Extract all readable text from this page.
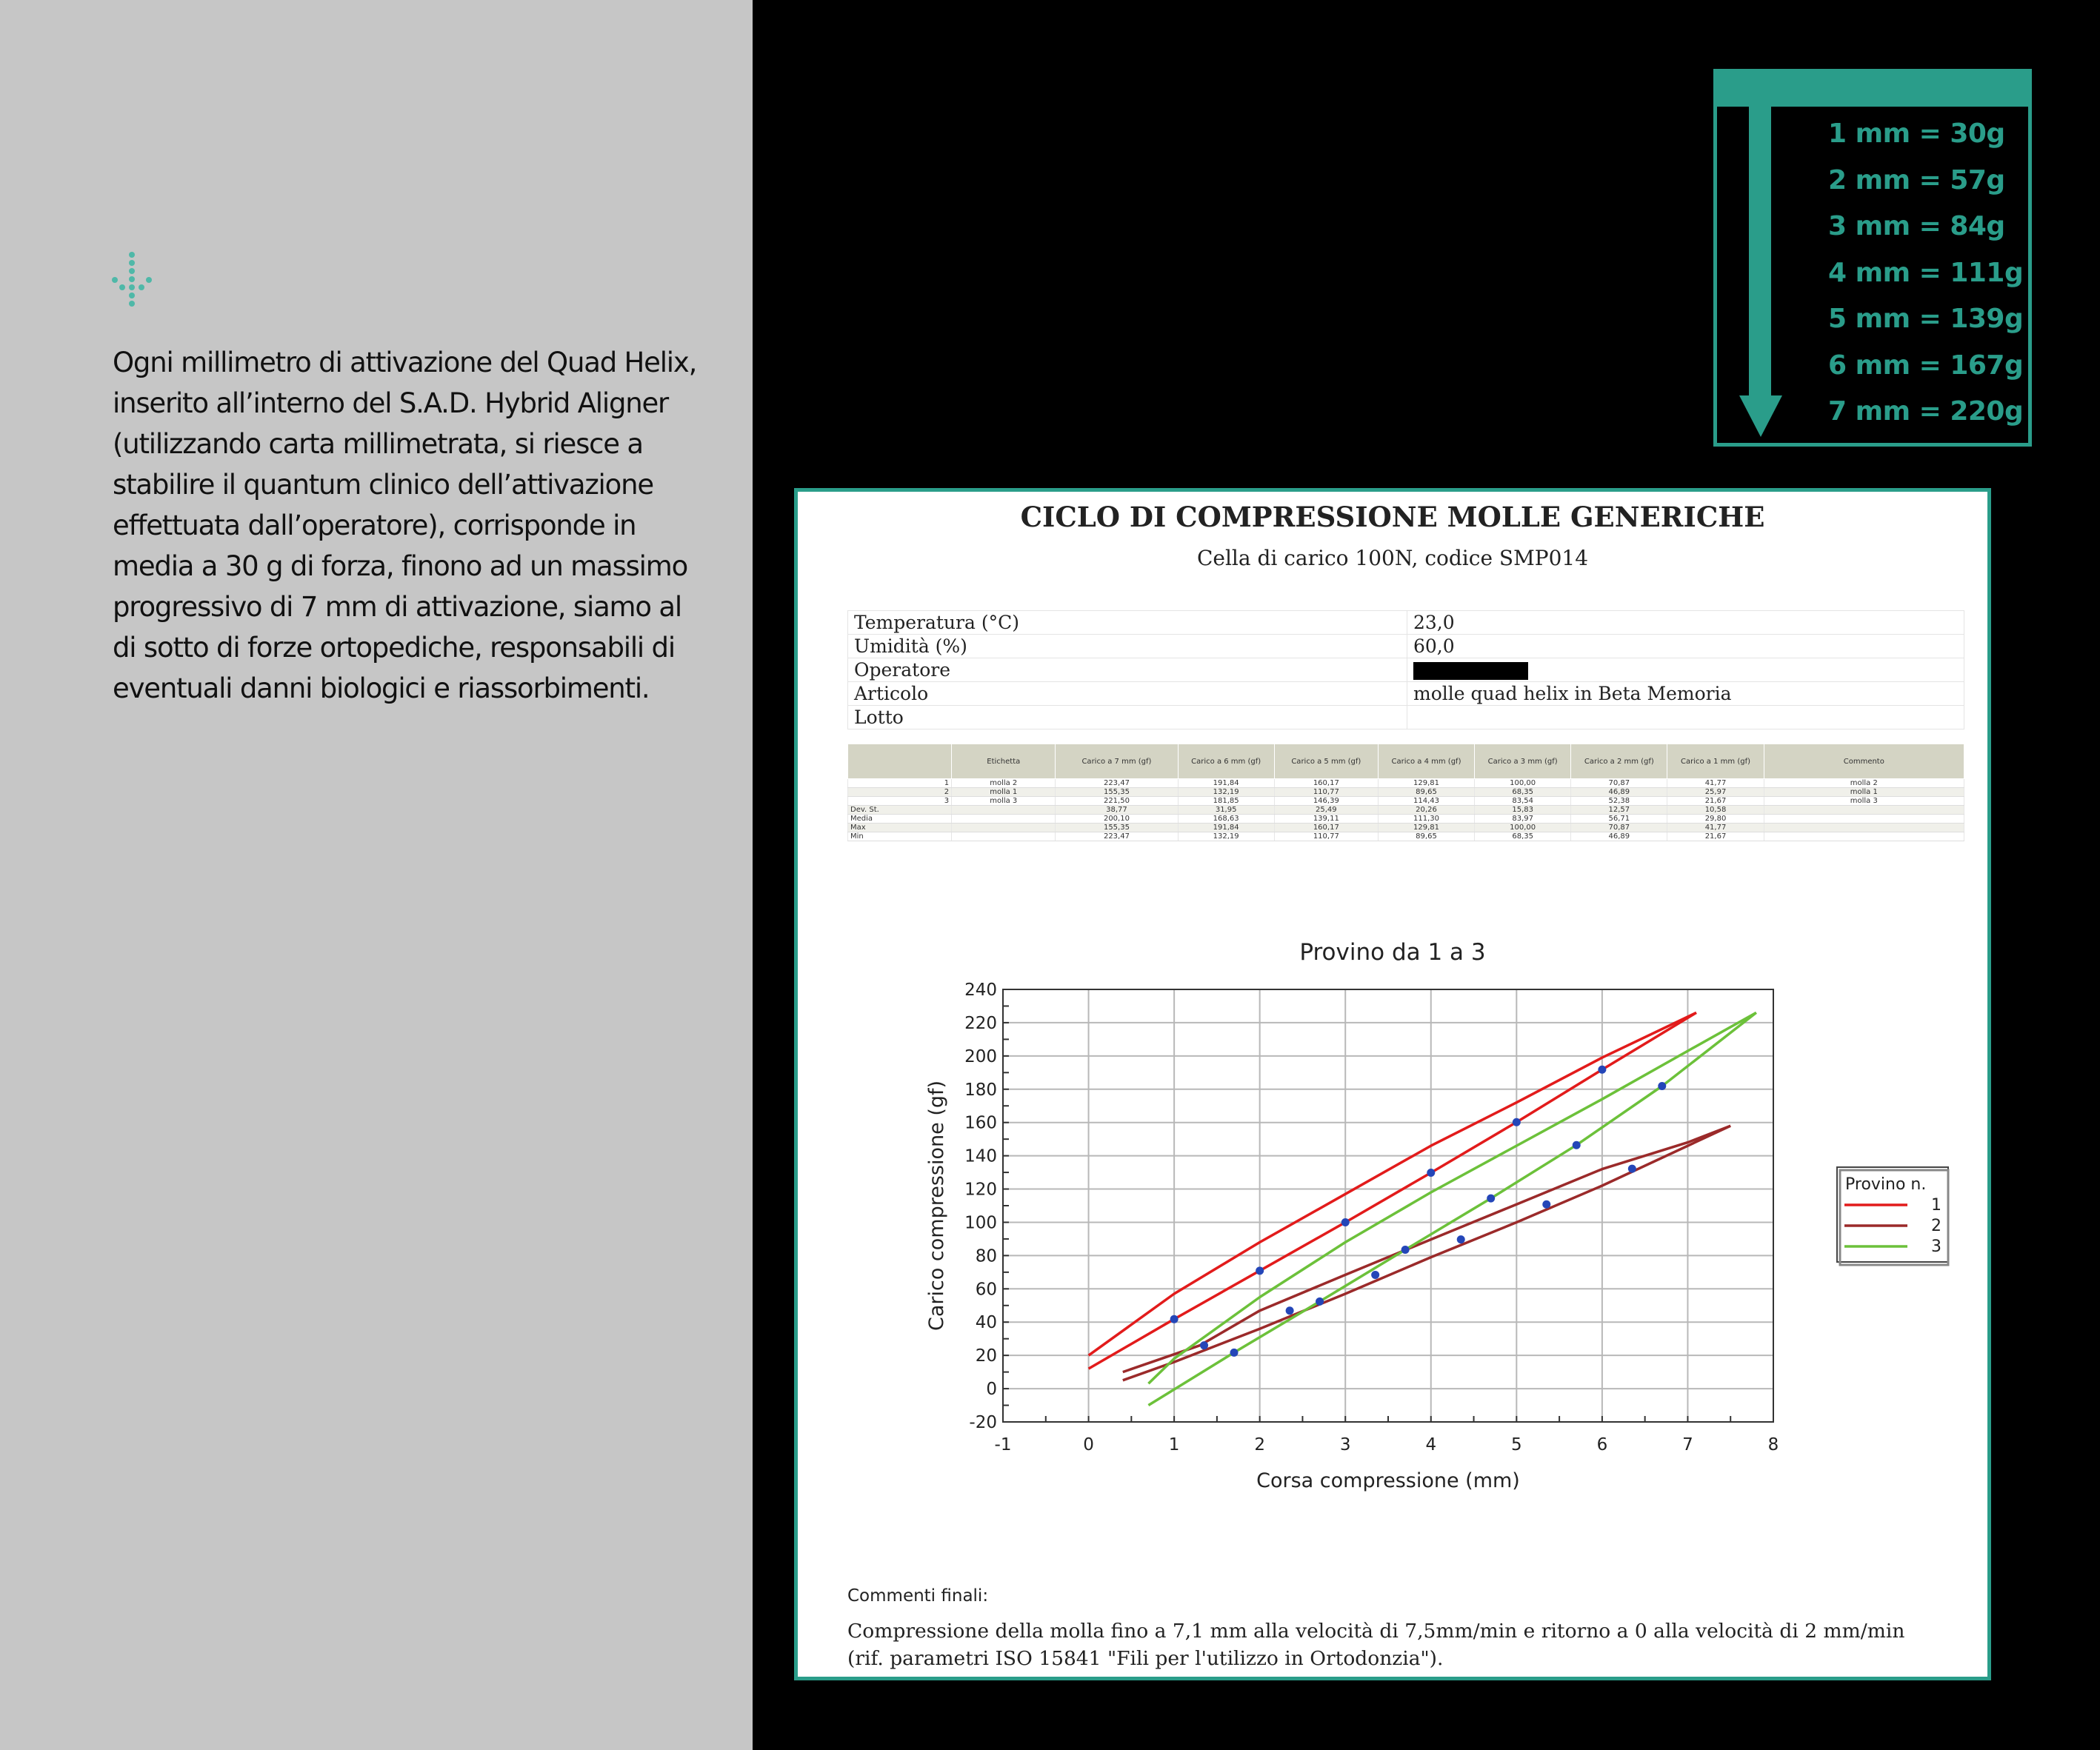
Ogni millimetro di attivazione del Quad Helix,
inserito all’interno del S.A.D. Hybrid Aligner
(utilizzando carta millimetrata, si riesce a
stabilire il quantum clinico dell’attivazione
effettuata dall’operatore), corrisponde in
media a 30 g di forza, finono ad un massimo
progressivo di 7 mm di attivazione, siamo al
di sotto di forze ortopediche, responsabili di
eventuali danni biologici e riassorbimenti.
1 mm = 30g
2 mm = 57g
3 mm = 84g
4 mm = 111g
5 mm = 139g
6 mm = 167g
7 mm = 220g
CICLO DI COMPRESSIONE MOLLE GENERICHE
Cella di carico 100N, codice SMP014
Temperatura (°C)	23,0
Umidità (%)	60,0
Operatore	
Articolo	molle quad helix in Beta Memoria
Lotto	
	Etichetta	Carico a 7 mm (gf)	Carico a 6 mm (gf)	Carico a 5 mm (gf)	Carico a 4 mm (gf)	Carico a 3 mm (gf)	Carico a 2 mm (gf)	Carico a 1 mm (gf)	Commento
1	molla 2	223,47	191,84	160,17	129,81	100,00	70,87	41,77	molla 2
2	molla 1	155,35	132,19	110,77	89,65	68,35	46,89	25,97	molla 1
3	molla 3	221,50	181,85	146,39	114,43	83,54	52,38	21,67	molla 3
Dev. St.		38,77	31,95	25,49	20,26	15,83	12,57	10,58	
Media		200,10	168,63	139,11	111,30	83,97	56,71	29,80	
Max		155,35	191,84	160,17	129,81	100,00	70,87	41,77	
Min		223,47	132,19	110,77	89,65	68,35	46,89	21,67	
Provino da 1 a 3
-1	0	1	2	3	4	5	6	7	8
-20
0
20
40
60
80
100
120
140
160
180
200
220
240
Corsa compressione (mm)
Carico compressione (gf)	Provino n.
1
2
3
Commenti finali:
Compressione della molla fino a 7,1 mm alla velocità di 7,5mm/min e ritorno a 0 alla velocità di 2 mm/min
(rif. parametri ISO 15841 "Fili per l'utilizzo in Ortodonzia").
